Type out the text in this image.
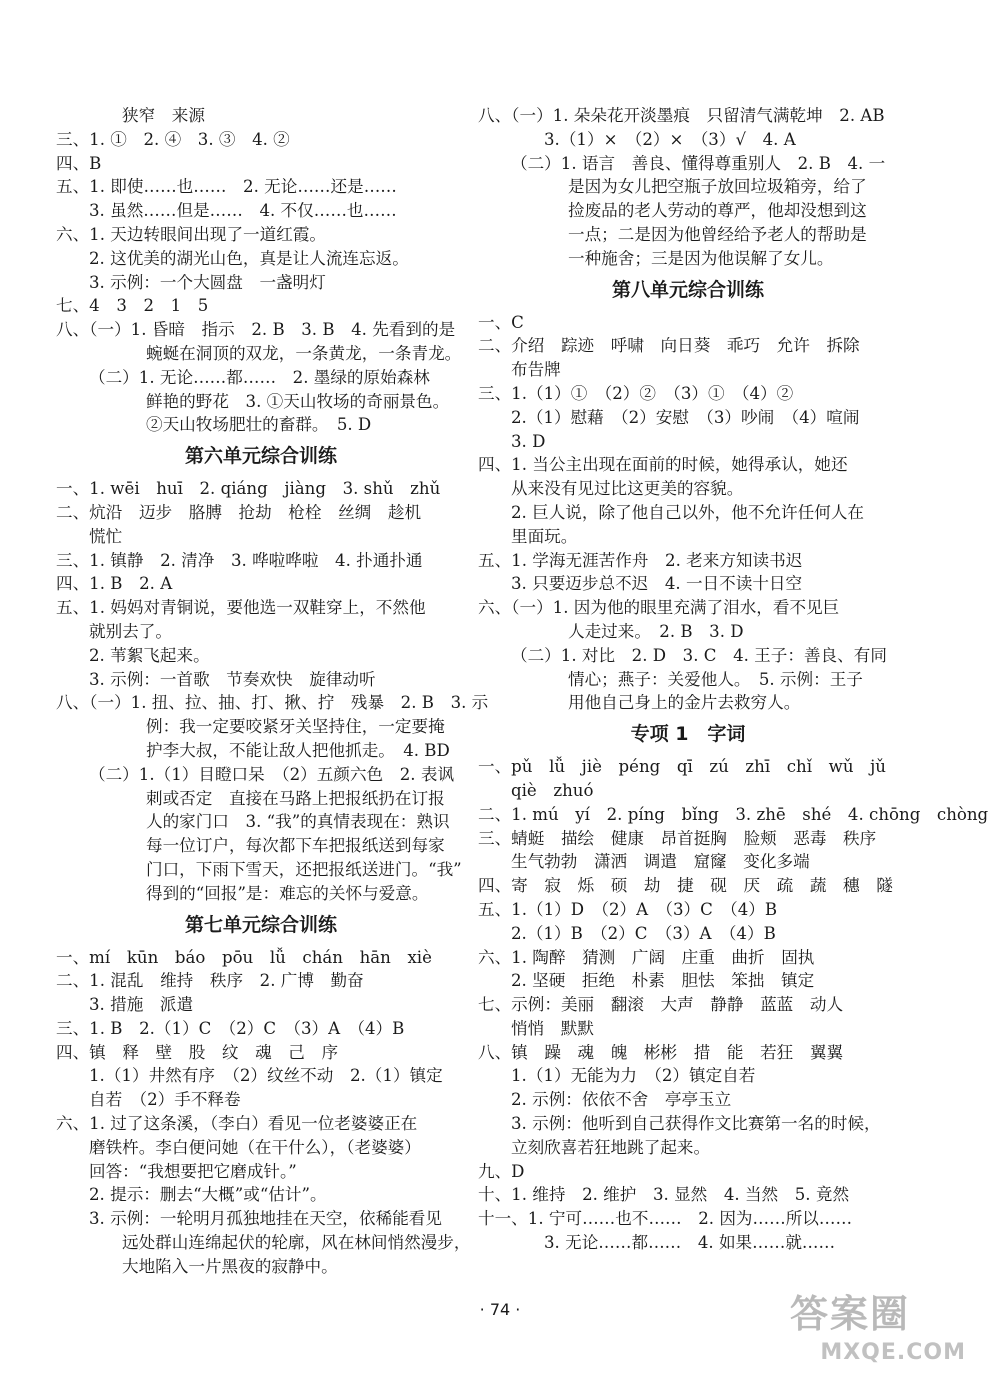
狭窄　来源
三、1. ①　2. ④　3. ③　4. ②
四、B
五、1. 即使……也……　2. 无论……还是……
3. 虽然……但是……　4. 不仅……也……
六、1. 天边转眼间出现了一道红霞。
2. 这优美的湖光山色，真是让人流连忘返。
3. 示例：一个大圆盘　一盏明灯
七、4　3　2　1　5
八、（一）1. 昏暗　指示　2. B　3. B　4. 先看到的是
蜿蜒在洞顶的双龙，一条黄龙，一条青龙。
（二）1. 无论……都……　2. 墨绿的原始森林
鲜艳的野花　3. ①天山牧场的奇丽景色。
②天山牧场肥壮的畜群。　5. D
第六单元综合训练
一、1. wēi　huī　2. qiáng　jiàng　3. shǔ　zhǔ
二、炕沿　迈步　胳膊　抢劫　枪栓　丝绸　趁机
慌忙
三、1. 镇静　2. 清净　3. 哗啦哗啦　4. 扑通扑通
四、1. B　2. A
五、1. 妈妈对青铜说，要他选一双鞋穿上，不然他
就别去了。
2. 苇絮飞起来。
3. 示例：一首歌　节奏欢快　旋律动听
八、（一）1. 扭、拉、抽、打、揪、拧　残暴　2. B　3. 示
例：我一定要咬紧牙关坚持住，一定要掩
护李大叔，不能让敌人把他抓走。　4. BD
（二）1.（1）目瞪口呆　（2）五颜六色　2. 表讽
刺或否定　直接在马路上把报纸扔在订报
人的家门口　3. “我”的真情表现在：熟识
每一位订户，每次都下车把报纸送到每家
门口，下雨下雪天，还把报纸送进门。“我”
得到的“回报”是：难忘的关怀与爱意。
第七单元综合训练
一、mí　kūn　báo　pōu　lǚ　chán　hān　xiè
二、1. 混乱　维持　秩序　2. 广博　勤奋
3. 措施　派遣
三、1. B　2.（1）C　（2）C　（3）A　（4）B
四、镇　释　壁　股　纹　魂　己　序
1.（1）井然有序　（2）纹丝不动　2.（1）镇定
自若　（2）手不释卷
六、1. 过了这条溪，（李白）看见一位老婆婆正在
磨铁杵。李白便问她（在干什么），（老婆婆）
回答：“我想要把它磨成针。”
2. 提示：删去“大概”或“估计”。
3. 示例：一轮明月孤独地挂在天空，依稀能看见
远处群山连绵起伏的轮廓，风在林间悄然漫步，
大地陷入一片黑夜的寂静中。
八、（一）1. 朵朵花开淡墨痕　只留清气满乾坤　2. AB
3.（1）×　（2）×　（3）√　4. A
（二）1. 语言　善良、懂得尊重别人　2. B　4. 一
是因为女儿把空瓶子放回垃圾箱旁，给了
捡废品的老人劳动的尊严，他却没想到这
一点；二是因为他曾经给予老人的帮助是
一种施舍；三是因为他误解了女儿。
第八单元综合训练
一、C
二、介绍　踪迹　呼啸　向日葵　乖巧　允许　拆除
布告牌
三、1.（1）①　（2）②　（3）①　（4）②
2.（1）慰藉　（2）安慰　（3）吵闹　（4）喧闹
3. D
四、1. 当公主出现在面前的时候，她得承认，她还
从来没有见过比这更美的容貌。
2. 巨人说，除了他自己以外，他不允许任何人在
里面玩。
五、1. 学海无涯苦作舟　2. 老来方知读书迟
3. 只要迈步总不迟　4. 一日不读十日空
六、（一）1. 因为他的眼里充满了泪水，看不见巨
人走过来。　2. B　3. D
（二）1. 对比　2. D　3. C　4. 王子：善良、有同
情心；燕子：关爱他人。　5. 示例：王子
用他自己身上的金片去救穷人。
专项 1　字词
一、pǔ　lǚ　jiè　péng　qī　zú　zhī　chǐ　wǔ　jǔ
qiè　zhuó
二、1. mú　yí　2. píng　bǐng　3. zhē　shé　4. chōng　chòng
三、蜻蜓　描绘　健康　昂首挺胸　脸颊　恶毒　秩序
生气勃勃　潇洒　调遣　窟窿　变化多端
四、寄　寂　烁　硕　劫　捷　砚　厌　疏　蔬　穗　隧
五、1.（1）D　（2）A　（3）C　（4）B
2.（1）B　（2）C　（3）A　（4）B
六、1. 陶醉　猜测　广阔　庄重　曲折　固执
2. 坚硬　拒绝　朴素　胆怯　笨拙　镇定
七、示例：美丽　翻滚　大声　静静　蓝蓝　动人
悄悄　默默
八、镇　躁　魂　魄　彬彬　措　能　若狂　翼翼
1.（1）无能为力　（2）镇定自若
2. 示例：依依不舍　亭亭玉立
3. 示例：他听到自己获得作文比赛第一名的时候，
立刻欣喜若狂地跳了起来。
九、D
十、1. 维持　2. 维护　3. 显然　4. 当然　5. 竟然
十一、1. 宁可……也不……　2. 因为……所以……
3. 无论……都……　4. 如果……就……
· 74 ·	答案圈
MXQE.COM
